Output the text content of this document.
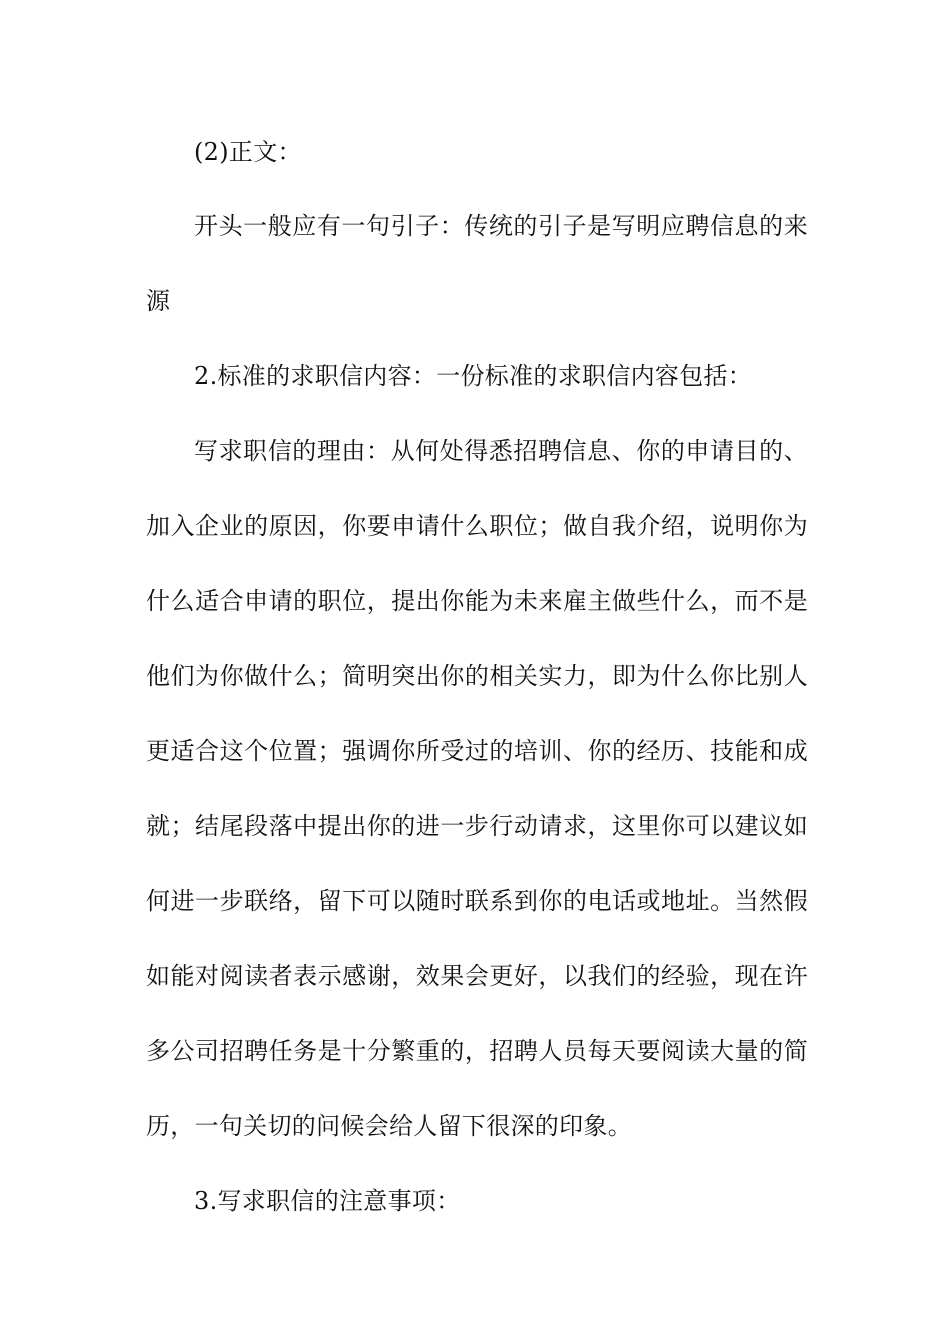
(2)正文：

开头一般应有一句引子：传统的引子是写明应聘信息的来源

2.标准的求职信内容：一份标准的求职信内容包括：

写求职信的理由：从何处得悉招聘信息、你的申请目的、加入企业的原因，你要申请什么职位；做自我介绍，说明你为什么适合申请的职位，提出你能为未来雇主做些什么，而不是他们为你做什么；简明突出你的相关实力，即为什么你比别人更适合这个位置；强调你所受过的培训、你的经历、技能和成就；结尾段落中提出你的进一步行动请求，这里你可以建议如何进一步联络，留下可以随时联系到你的电话或地址。当然假如能对阅读者表示感谢，效果会更好，以我们的经验，现在许多公司招聘任务是十分繁重的，招聘人员每天要阅读大量的简历，一句关切的问候会给人留下很深的印象。

3.写求职信的注意事项：
